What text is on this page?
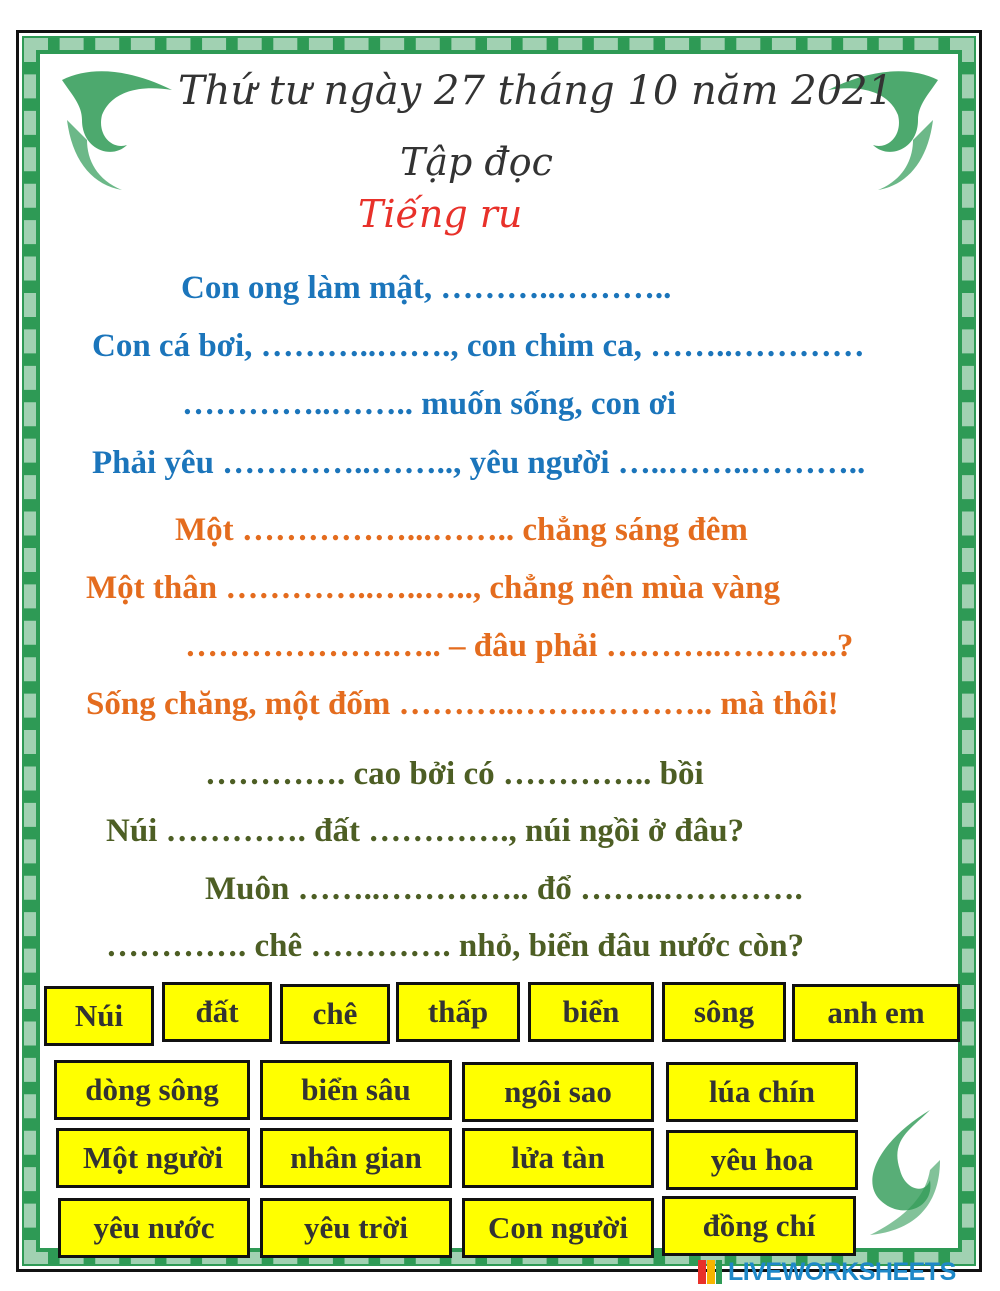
Thứ tư ngày 27 tháng 10 năm 2021
Tập đọc
Tiếng ru
Con ong làm mật, ………..………..
Con cá bơi, ………..……., con chim ca, ……..…………
…………..…….. muốn sống, con ơi
Phải yêu …………..…….., yêu người …..……..………..
Một ……………...…….. chẳng sáng đêm
Một thân …………..…..….., chẳng nên mùa vàng
……………….….. – đâu phải ………..………..?
Sống chăng, một đốm ………..……..……….. mà thôi!
…………. cao bởi có ………….. bồi
Núi …………. đất …………., núi ngồi ở đâu?
Muôn ……..………….. đổ ……..………….
…………. chê …………. nhỏ, biển đâu nước còn?
Núi	đất	chê	thấp	biển	sông	anh em
dòng sông	biển sâu	ngôi sao	lúa chín
Một người	nhân gian	lửa tàn	yêu hoa
yêu nước	yêu trời	Con người	đồng chí
LIVEWORKSHEETS
